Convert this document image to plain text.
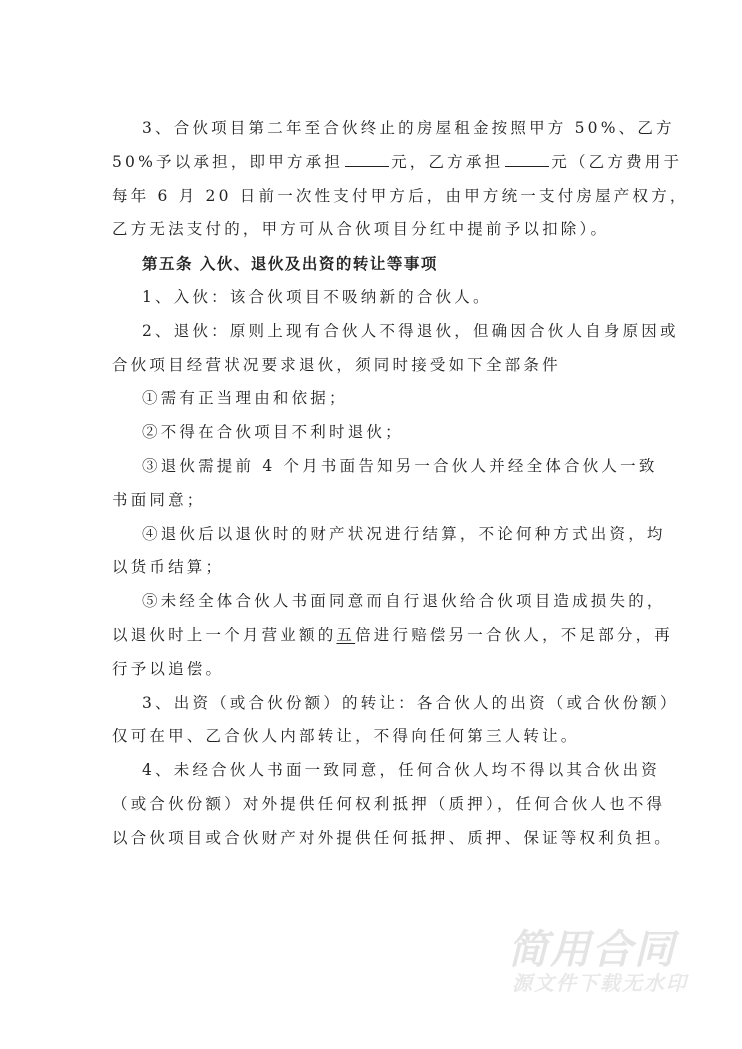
3、合伙项目第二年至合伙终止的房屋租金按照甲方 50%、乙方
50%予以承担，即甲方承担	元，乙方承担	元（乙方费用于
每年 6 月 20 日前一次性支付甲方后，由甲方统一支付房屋产权方，
乙方无法支付的，甲方可从合伙项目分红中提前予以扣除）。
第五条 入伙、退伙及出资的转让等事项
1、入伙：该合伙项目不吸纳新的合伙人。
2、退伙：原则上现有合伙人不得退伙，但确因合伙人自身原因或
合伙项目经营状况要求退伙，须同时接受如下全部条件
①需有正当理由和依据；
②不得在合伙项目不利时退伙；
③退伙需提前 4 个月书面告知另一合伙人并经全体合伙人一致
书面同意；
④退伙后以退伙时的财产状况进行结算，不论何种方式出资，均
以货币结算；
⑤未经全体合伙人书面同意而自行退伙给合伙项目造成损失的，
以退伙时上一个月营业额的五倍进行赔偿另一合伙人，不足部分，再
行予以追偿。
3、出资（或合伙份额）的转让：各合伙人的出资（或合伙份额）
仅可在甲、乙合伙人内部转让，不得向任何第三人转让。
4、未经合伙人书面一致同意，任何合伙人均不得以其合伙出资
（或合伙份额）对外提供任何权利抵押（质押），任何合伙人也不得
以合伙项目或合伙财产对外提供任何抵押、质押、保证等权利负担。
简用合同
源文件下载无水印
